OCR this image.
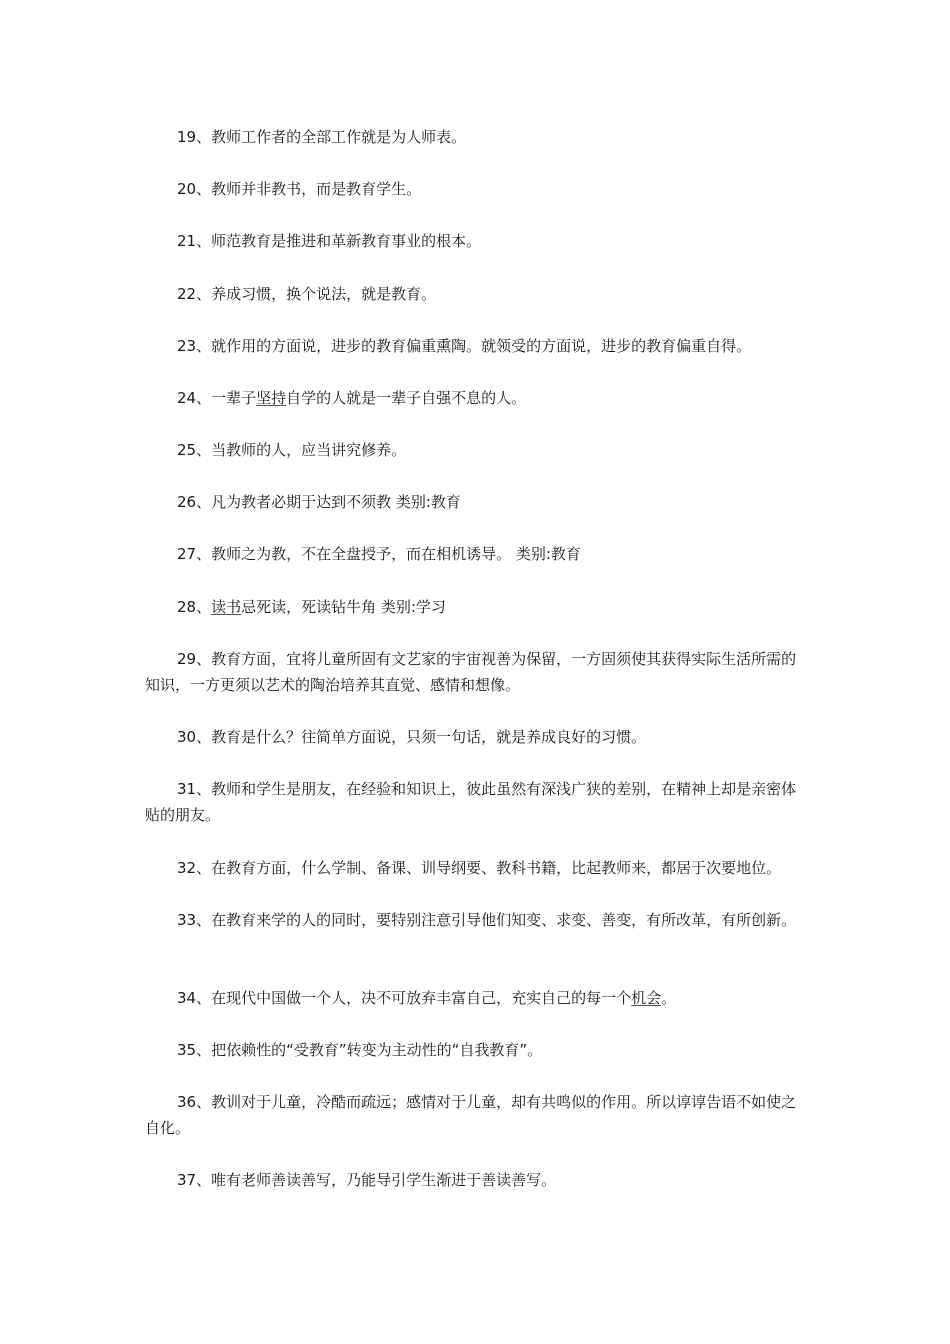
19、教师工作者的全部工作就是为人师表。

20、教师并非教书，而是教育学生。

21、师范教育是推进和革新教育事业的根本。

22、养成习惯，换个说法，就是教育。

23、就作用的方面说，进步的教育偏重熏陶。就领受的方面说，进步的教育偏重自得。

24、一辈子坚持自学的人就是一辈子自强不息的人。

25、当教师的人，应当讲究修养。

26、凡为教者必期于达到不须教 类别:教育

27、教师之为教，不在全盘授予，而在相机诱导。 类别:教育

28、读书忌死读，死读钻牛角 类别:学习

29、教育方面，宜将儿童所固有文艺家的宇宙视善为保留，一方固须使其获得实际生活所需的知识，一方更须以艺术的陶治培养其直觉、感情和想像。

30、教育是什么？往简单方面说，只须一句话，就是养成良好的习惯。

31、教师和学生是朋友，在经验和知识上，彼此虽然有深浅广狭的差别，在精神上却是亲密体贴的朋友。

32、在教育方面，什么学制、备课、训导纲要、教科书籍，比起教师来，都居于次要地位。

33、在教育来学的人的同时，要特别注意引导他们知变、求变、善变，有所改革，有所创新。

34、在现代中国做一个人，决不可放弃丰富自己，充实自己的每一个机会。

35、把依赖性的“受教育”转变为主动性的“自我教育”。

36、教训对于儿童，冷酷而疏远；感情对于儿童，却有共鸣似的作用。所以谆谆告语不如使之自化。

37、唯有老师善读善写，乃能导引学生渐进于善读善写。
